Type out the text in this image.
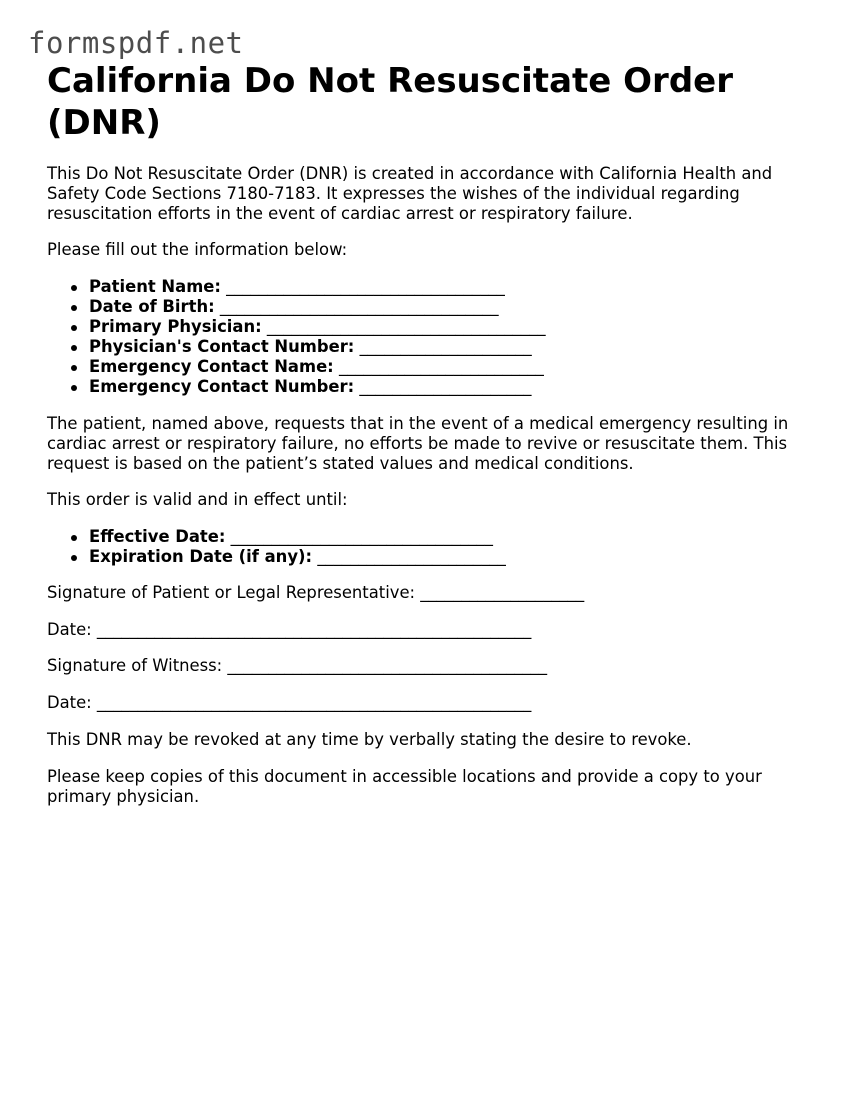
formspdf.net
California Do Not Resuscitate Order (DNR)

This Do Not Resuscitate Order (DNR) is created in accordance with California Health and Safety Code Sections 7180-7183. It expresses the wishes of the individual regarding resuscitation efforts in the event of cardiac arrest or respiratory failure.

Please fill out the information below:

Patient Name: __________________________________
Date of Birth: __________________________________
Primary Physician: __________________________________
Physician's Contact Number: _____________________
Emergency Contact Name: _________________________
Emergency Contact Number: _____________________

The patient, named above, requests that in the event of a medical emergency resulting in cardiac arrest or respiratory failure, no efforts be made to revive or resuscitate them. This request is based on the patient’s stated values and medical conditions.

This order is valid and in effect until:

Effective Date: ________________________________
Expiration Date (if any): _______________________

Signature of Patient or Legal Representative: ____________________

Date: _____________________________________________________

Signature of Witness: _______________________________________

Date: _____________________________________________________

This DNR may be revoked at any time by verbally stating the desire to revoke.

Please keep copies of this document in accessible locations and provide a copy to your primary physician.
